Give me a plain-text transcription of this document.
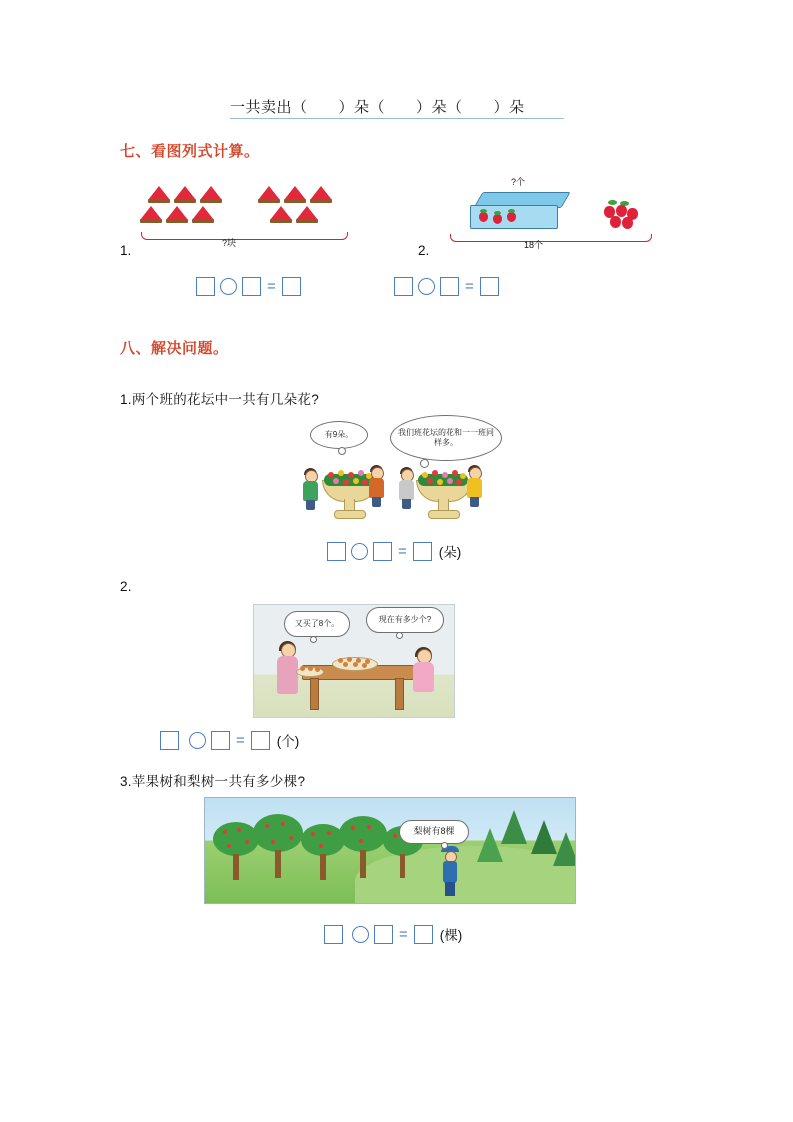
一共卖出（　　）朵（　　）朵（　　）朵
七、看图列式计算。
?块
1.
=
?个
18个
2.
=
八、解决问题。
1.两个班的花坛中一共有几朵花?
有9朵。	我们班花坛的花和一一班同样多。
= (朵)
2.
又买了8个。	现在有多少个?
= (个)
3.苹果树和梨树一共有多少棵?
梨树有8棵
= (棵)
